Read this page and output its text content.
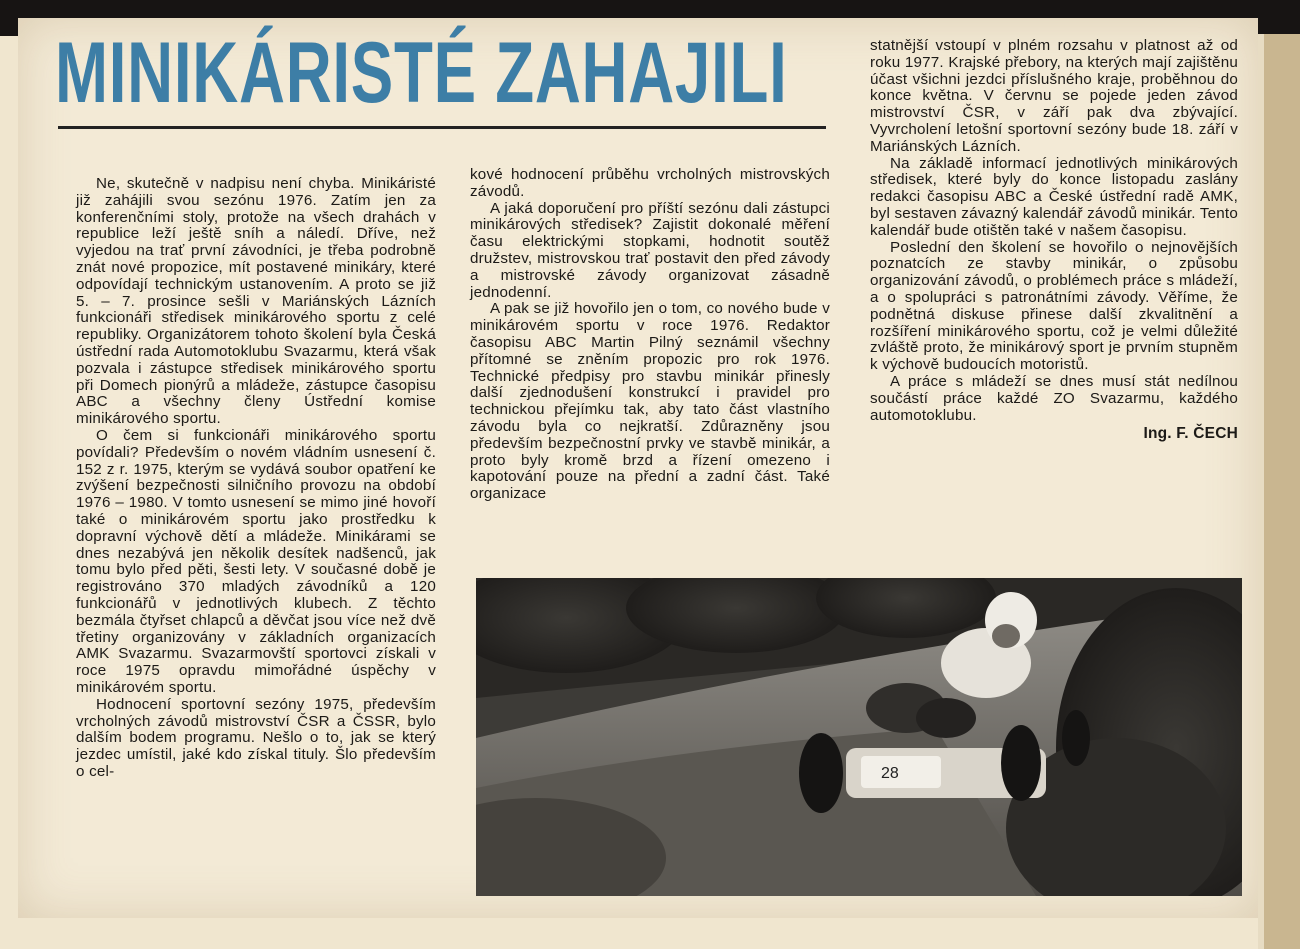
MINIKÁRISTÉ ZAHAJILI

Ne, skutečně v nadpisu není chyba. Minikáristé již zahájili svou sezónu 1976. Zatím jen za konferenčními stoly, protože na všech drahách v republice leží ještě sníh a náledí. Dříve, než vyjedou na trať první závodníci, je třeba podrobně znát nové propozice, mít postavené minikáry, které odpovídají technickým ustanovením. A proto se již 5. – 7. prosince sešli v Mariánských Lázních funkcionáři středisek minikárového sportu z celé republiky. Organizátorem tohoto školení byla Česká ústřední rada Automotoklubu Svazarmu, která však pozvala i zástupce středisek minikárového sportu při Domech pionýrů a mládeže, zástupce časopisu ABC a všechny členy Ústřední komise minikárového sportu.

O čem si funkcionáři minikárového sportu povídali? Především o novém vládním usnesení č. 152 z r. 1975, kterým se vydává soubor opatření ke zvýšení bezpečnosti silničního provozu na období 1976 – 1980. V tomto usnesení se mimo jiné hovoří také o minikárovém sportu jako prostředku k dopravní výchově dětí a mládeže. Minikárami se dnes nezabývá jen několik desítek nadšenců, jak tomu bylo před pěti, šesti lety. V současné době je registrováno 370 mladých závodníků a 120 funkcionářů v jednotlivých klubech. Z těchto bezmála čtyřset chlapců a děvčat jsou více než dvě třetiny organizovány v základních organizacích AMK Svazarmu. Svazarmovští sportovci získali v roce 1975 opravdu mimořádné úspěchy v minikárovém sportu.

Hodnocení sportovní sezóny 1975, především vrcholných závodů mistrovství ČSR a ČSSR, bylo dalším bodem programu. Nešlo o to, jak se který jezdec umístil, jaké kdo získal tituly. Šlo především o cel-

kové hodnocení průběhu vrcholných mistrovských závodů.

A jaká doporučení pro příští sezónu dali zástupci minikárových středisek? Zajistit dokonalé měření času elektrickými stopkami, hodnotit soutěž družstev, mistrovskou trať postavit den před závody a mistrovské závody organizovat zásadně jednodenní.

A pak se již hovořilo jen o tom, co nového bude v minikárovém sportu v roce 1976. Redaktor časopisu ABC Martin Pilný seznámil všechny přítomné se zněním propozic pro rok 1976. Technické předpisy pro stavbu minikár přinesly další zjednodušení konstrukcí i pravidel pro technickou přejímku tak, aby tato část vlastního závodu byla co nejkratší. Zdůrazněny jsou především bezpečnostní prvky ve stavbě minikár, a proto byly kromě brzd a řízení omezeno i kapotování pouze na přední a zadní část. Také organizace

statnější vstoupí v plném rozsahu v platnost až od roku 1977. Krajské přebory, na kterých mají zajištěnu účast všichni jezdci příslušného kraje, proběhnou do konce května. V červnu se pojede jeden závod mistrovství ČSR, v září pak dva zbývající. Vyvrcholení letošní sportovní sezóny bude 18. září v Mariánských Lázních.

Na základě informací jednotlivých minikárových středisek, které byly do konce listopadu zaslány redakci časopisu ABC a České ústřední radě AMK, byl sestaven závazný kalendář závodů minikár. Tento kalendář bude otištěn také v našem časopisu.

Poslední den školení se hovořilo o nejnovějších poznatcích ze stavby minikár, o způsobu organizování závodů, o problémech práce s mládeží, a o spolupráci s patronátními závody. Věříme, že podnětná diskuse přinese další zkvalitnění a rozšíření minikárového sportu, což je velmi důležité zvláště proto, že minikárový sport je prvním stupněm k výchově budoucích motoristů.

A práce s mládeží se dnes musí stát nedílnou součástí práce každé ZO Svazarmu, každého automotoklubu.

Ing. F. ČECH
28
